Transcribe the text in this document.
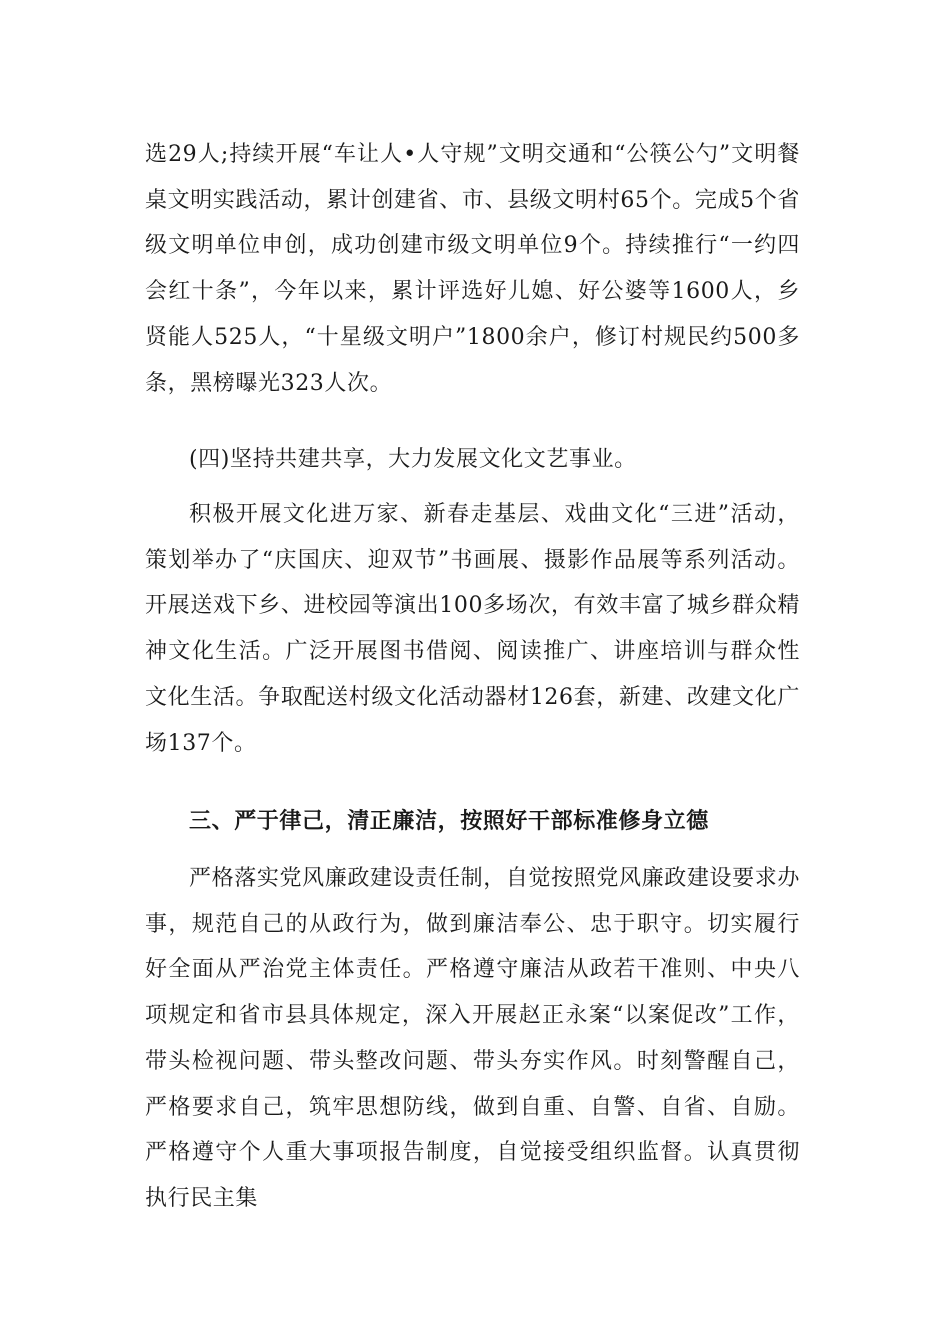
选29人;持续开展“车让人•人守规”文明交通和“公筷公勺”文明餐桌文明实践活动，累计创建省、市、县级文明村65个。完成5个省级文明单位申创，成功创建市级文明单位9个。持续推行“一约四会红十条”，今年以来，累计评选好儿媳、好公婆等1600人，乡贤能人525人，“十星级文明户”1800余户，修订村规民约500多条，黑榜曝光323人次。

(四)坚持共建共享，大力发展文化文艺事业。

积极开展文化进万家、新春走基层、戏曲文化“三进”活动，策划举办了“庆国庆、迎双节”书画展、摄影作品展等系列活动。开展送戏下乡、进校园等演出100多场次，有效丰富了城乡群众精神文化生活。广泛开展图书借阅、阅读推广、讲座培训与群众性文化生活。争取配送村级文化活动器材126套，新建、改建文化广场137个。

三、严于律己，清正廉洁，按照好干部标准修身立德

严格落实党风廉政建设责任制，自觉按照党风廉政建设要求办事，规范自己的从政行为，做到廉洁奉公、忠于职守。切实履行好全面从严治党主体责任。严格遵守廉洁从政若干准则、中央八项规定和省市县具体规定，深入开展赵正永案“以案促改”工作，带头检视问题、带头整改问题、带头夯实作风。时刻警醒自己，严格要求自己，筑牢思想防线，做到自重、自警、自省、自励。严格遵守个人重大事项报告制度，自觉接受组织监督。认真贯彻执行民主集
